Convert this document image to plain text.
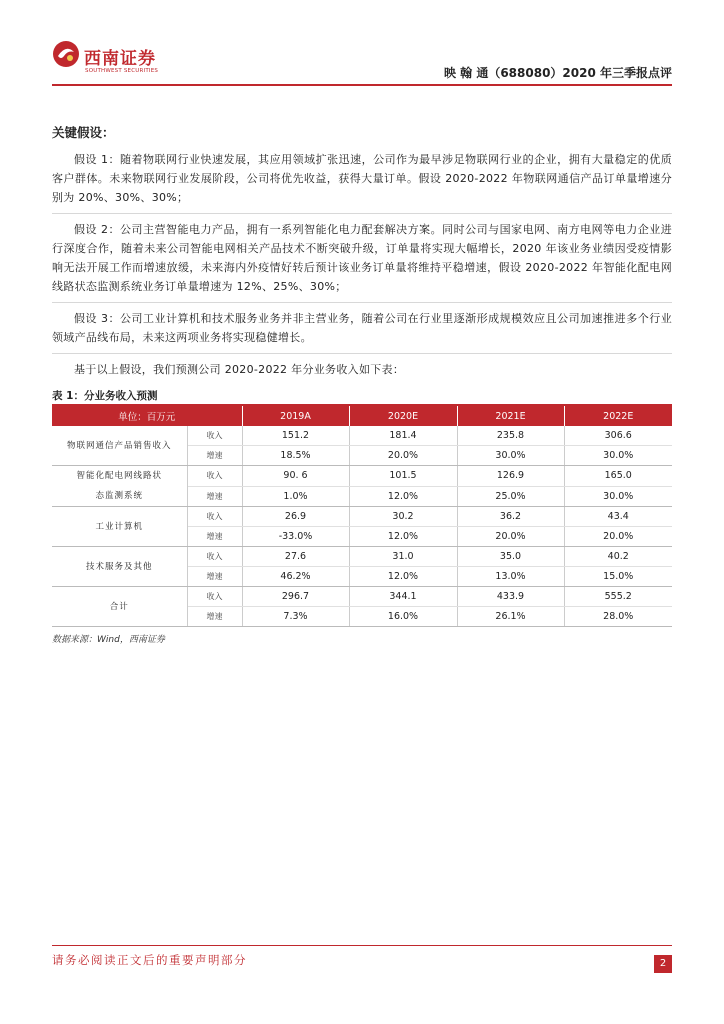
西南证券
SOUTHWEST SECURITIES	映 翰 通（688080）2020 年三季报点评
关键假设：

假设 1：随着物联网行业快速发展，其应用领域扩张迅速，公司作为最早涉足物联网行业的企业，拥有大量稳定的优质客户群体。未来物联网行业发展阶段，公司将优先收益，获得大量订单。假设 2020-2022 年物联网通信产品订单量增速分别为 20%、30%、30%；

假设 2：公司主营智能电力产品，拥有一系列智能化电力配套解决方案。同时公司与国家电网、南方电网等电力企业进行深度合作，随着未来公司智能电网相关产品技术不断突破升级，订单量将实现大幅增长，2020 年该业务业绩因受疫情影响无法开展工作而增速放缓，未来海内外疫情好转后预计该业务订单量将维持平稳增速，假设 2020-2022 年智能化配电网线路状态监测系统业务订单量增速为 12%、25%、30%；

假设 3：公司工业计算机和技术服务业务并非主营业务，随着公司在行业里逐渐形成规模效应且公司加速推进多个行业领域产品线布局，未来这两项业务将实现稳健增长。

基于以上假设，我们预测公司 2020-2022 年分业务收入如下表：

表 1：分业务收入预测
单位：百万元		2019A	2020E	2021E	2022E
物联网通信产品销售收入	收入	151.2	181.4	235.8	306.6
	增速	18.5%	20.0%	30.0%	30.0%
智能化配电网线路状态监测系统	收入	90. 6	101.5	126.9	165.0
	增速	1.0%	12.0%	25.0%	30.0%
工业计算机	收入	26.9	30.2	36.2	43.4
	增速	-33.0%	12.0%	20.0%	20.0%
技术服务及其他	收入	27.6	31.0	35.0	40.2
	增速	46.2%	12.0%	13.0%	15.0%
合计	收入	296.7	344.1	433.9	555.2
	增速	7.3%	16.0%	26.1%	28.0%
数据来源：Wind，西南证券
请务必阅读正文后的重要声明部分	2
